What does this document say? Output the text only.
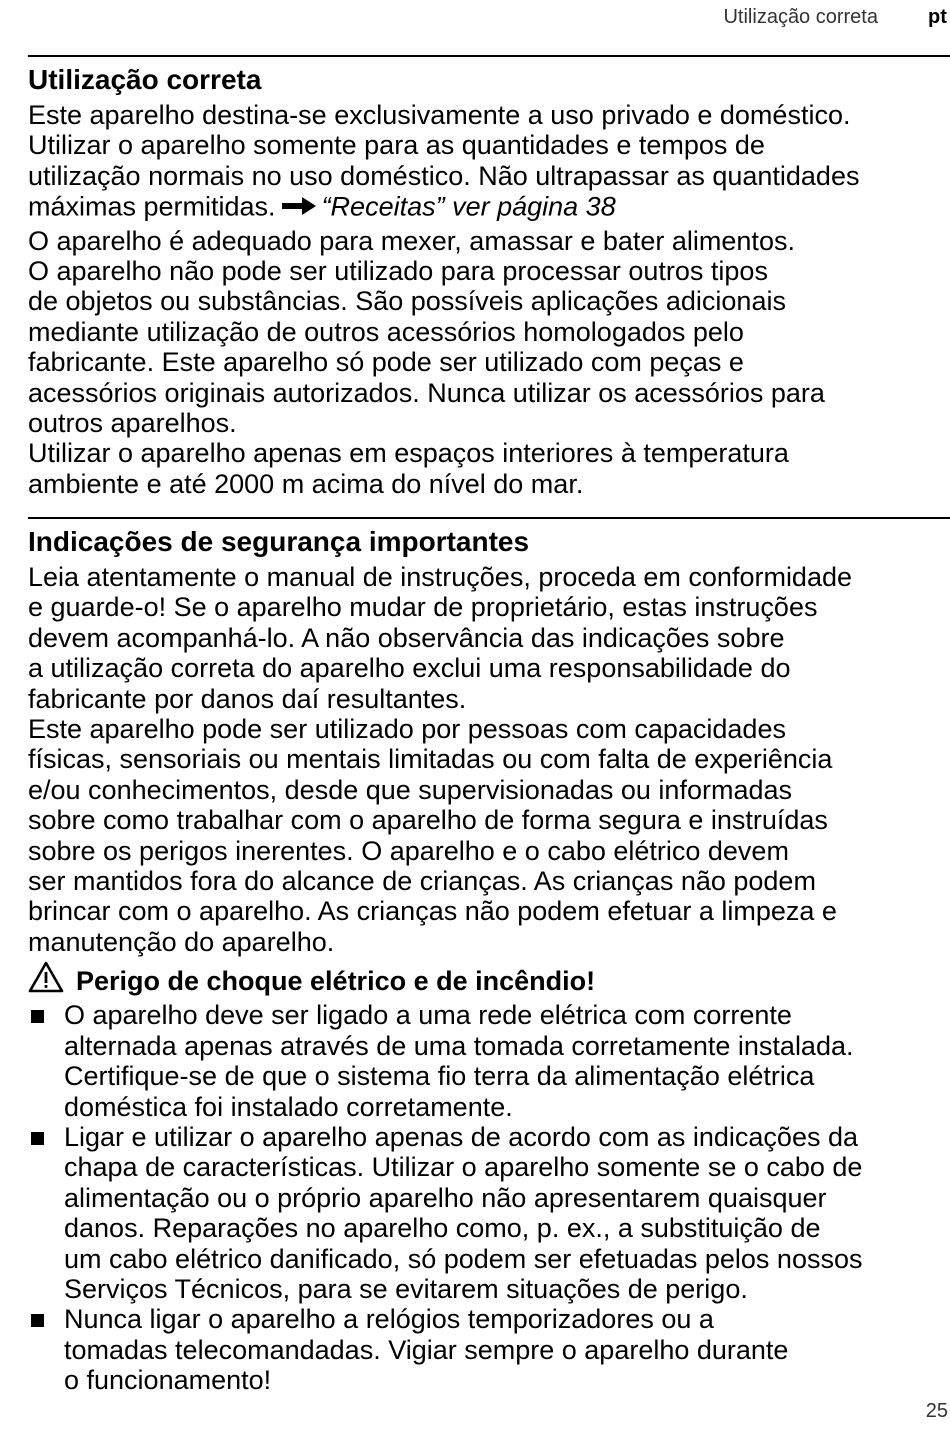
Utilização correta	pt
Utilização correta

Este aparelho destina-se exclusivamente a uso privado e doméstico.
Utilizar o aparelho somente para as quantidades e tempos de
utilização normais no uso doméstico. Não ultrapassar as quantidades
máximas permitidas. “Receitas” ver página 38

O aparelho é adequado para mexer, amassar e bater alimentos.
O aparelho não pode ser utilizado para processar outros tipos
de objetos ou substâncias. São possíveis aplicações adicionais
mediante utilização de outros acessórios homologados pelo
fabricante. Este aparelho só pode ser utilizado com peças e
acessórios originais autorizados. Nunca utilizar os acessórios para
outros aparelhos.
Utilizar o aparelho apenas em espaços interiores à temperatura
ambiente e até 2000 m acima do nível do mar.

Indicações de segurança importantes

Leia atentamente o manual de instruções, proceda em conformidade
e guarde-o! Se o aparelho mudar de proprietário, estas instruções
devem acompanhá-lo. A não observância das indicações sobre
a utilização correta do aparelho exclui uma responsabilidade do
fabricante por danos daí resultantes.
Este aparelho pode ser utilizado por pessoas com capacidades
físicas, sensoriais ou mentais limitadas ou com falta de experiência
e/ou conhecimentos, desde que supervisionadas ou informadas
sobre como trabalhar com o aparelho de forma segura e instruídas
sobre os perigos inerentes. O aparelho e o cabo elétrico devem
ser mantidos fora do alcance de crianças. As crianças não podem
brincar com o aparelho. As crianças não podem efetuar a limpeza e
manutenção do aparelho.

Perigo de choque elétrico e de incêndio!
O aparelho deve ser ligado a uma rede elétrica com corrente
alternada apenas através de uma tomada corretamente instalada.
Certifique-se de que o sistema fio terra da alimentação elétrica
doméstica foi instalado corretamente.
Ligar e utilizar o aparelho apenas de acordo com as indicações da
chapa de características. Utilizar o aparelho somente se o cabo de
alimentação ou o próprio aparelho não apresentarem quaisquer
danos. Reparações no aparelho como, p. ex., a substituição de
um cabo elétrico danificado, só podem ser efetuadas pelos nossos
Serviços Técnicos, para se evitarem situações de perigo.
Nunca ligar o aparelho a relógios temporizadores ou a
tomadas telecomandadas. Vigiar sempre o aparelho durante
o funcionamento!
25
